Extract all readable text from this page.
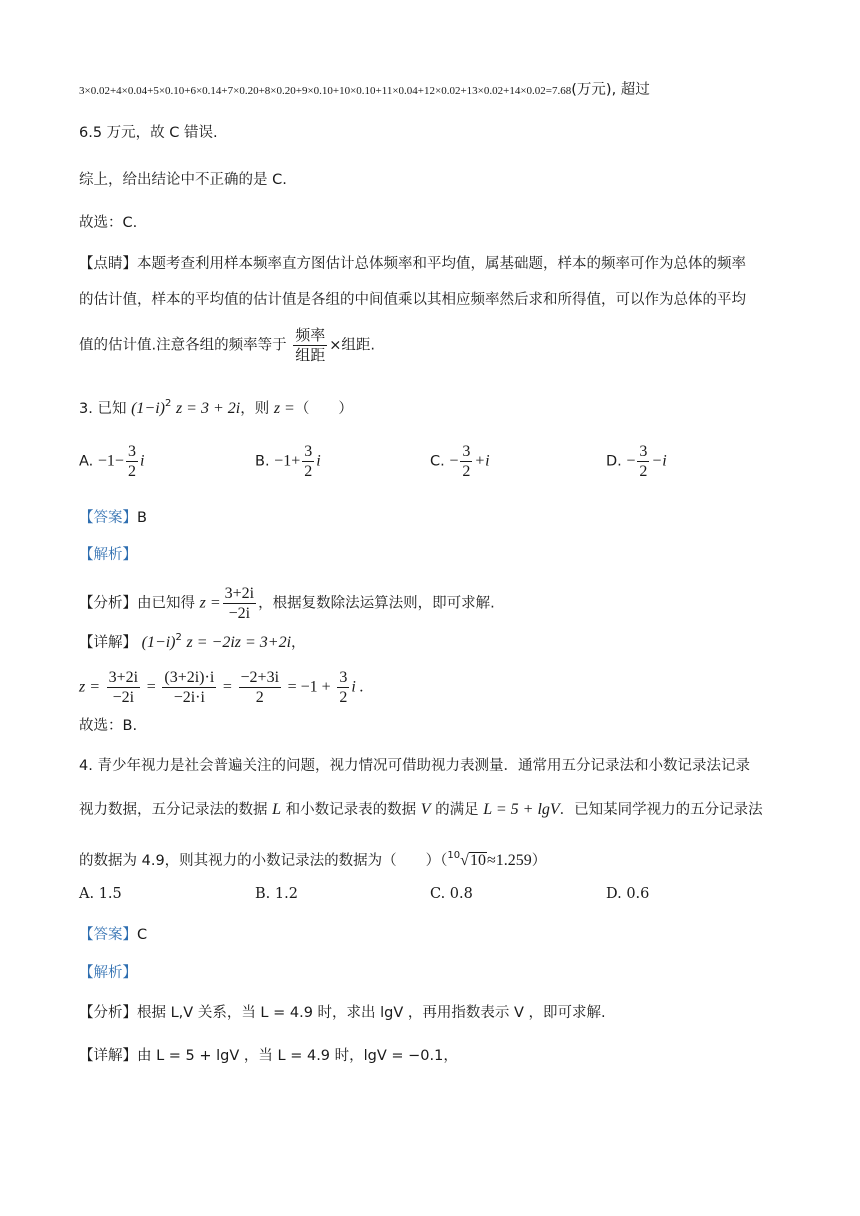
3×0.02+4×0.04+5×0.10+6×0.14+7×0.20+8×0.20+9×0.10+10×0.10+11×0.04+12×0.02+13×0.02+14×0.02=7.68(万元), 超过
6.5 万元，故 C 错误.
综上，给出结论中不正确的是 C.
故选：C.
【点睛】本题考查利用样本频率直方图估计总体频率和平均值，属基础题，样本的频率可作为总体的频率
的估计值，样本的平均值的估计值是各组的中间值乘以其相应频率然后求和所得值，可以作为总体的平均
值的估计值.注意各组的频率等于 $\frac{\text{频率}}{\text{组距}}$ ×组距.
3. 已知 $(1-i)^2$ z = 3 + 2i，则 z =（　　）
A. $-1- \frac{3}{2}$ i	B. $-1+ \frac{3}{2}$ i	C. − $\frac{3}{2} +i$	D. − $\frac{3}{2} -i$
【答案】B
【解析】
【分析】由已知得 $z = \frac{3+2i}{-2i}$ ，根据复数除法运算法则，即可求解.
【详解】 $(1-i)^2$ z = −2iz = 3+2i，
$z = \frac{3+2i}{-2i} = \frac{(3+2i)\cdot i}{-2i\cdot i} = \frac{-2+3i}{2} = -1 + \frac{3}{2}$ i .
故选：B.
4. 青少年视力是社会普遍关注的问题，视力情况可借助视力表测量．通常用五分记录法和小数记录法记录
视力数据，五分记录法的数据 L 和小数记录表的数据 V 的满足 L = 5 + lgV．已知某同学视力的五分记录法
的数据为 4.9，则其视力的小数记录法的数据为（　　）（$^{10}$√10≈1.259）
A. 1.5	B. 1.2	C. 0.8	D. 0.6
【答案】C
【解析】
【分析】根据 L,V 关系，当 L = 4.9 时，求出 lgV ，再用指数表示 V ，即可求解.
【详解】由 L = 5 + lgV ，当 L = 4.9 时，lgV = −0.1，
